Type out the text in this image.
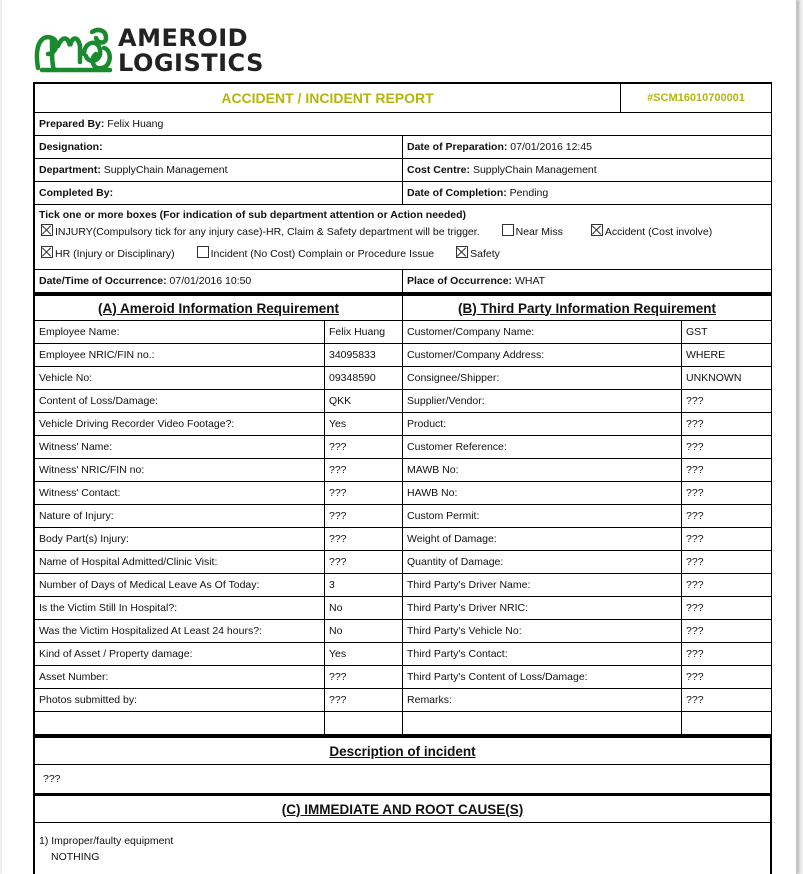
AMEROID
LOGISTICS
ACCIDENT / INCIDENT REPORT		#SCM16010700001
Prepared By: Felix Huang		
Designation:	Date of Preparation: 07/01/2016 12:45	
Department: SupplyChain Management	Cost Centre: SupplyChain Management	
Completed By:	Date of Completion: Pending	

Tick one or more boxes (For indication of sub department attention or Action needed)
INJURY(Compulsory tick for any injury case)-HR, Claim & Safety department will be trigger. Near Miss Accident (Cost involve)
HR (Injury or Disciplinary) Incident (No Cost) Complain or Procedure Issue Safety		

Date/Time of Occurrence: 07/01/2016 10:50	Place of Occurrence: WHAT	
(A) Ameroid Information Requirement		(B) Third Party Information Requirement	
Employee Name:	Felix Huang	Customer/Company Name:	GST
Employee NRIC/FIN no.:	34095833	Customer/Company Address:	WHERE
Vehicle No:	09348590	Consignee/Shipper:	UNKNOWN
Content of Loss/Damage:	QKK	Supplier/Vendor:	???
Vehicle Driving Recorder Video Footage?:	Yes	Product:	???
Witness' Name:	???	Customer Reference:	???
Witness' NRIC/FIN no:	???	MAWB No:	???
Witness' Contact:	???	HAWB No:	???
Nature of Injury:	???	Custom Permit:	???
Body Part(s) Injury:	???	Weight of Damage:	???
Name of Hospital Admitted/Clinic Visit:	???	Quantity of Damage:	???
Number of Days of Medical Leave As Of Today:	3	Third Party's Driver Name:	???
Is the Victim Still In Hospital?:	No	Third Party's Driver NRIC:	???
Was the Victim Hospitalized At Least 24 hours?:	No	Third Party's Vehicle No:	???
Kind of Asset / Property damage:	Yes	Third Party's Contact:	???
Asset Number:	???	Third Party's Content of Loss/Damage:	???
Photos submitted by:	???	Remarks:	???

Description of incident
???
(C) IMMEDIATE AND ROOT CAUSE(S)

1) Improper/faulty equipment
NOTHING
